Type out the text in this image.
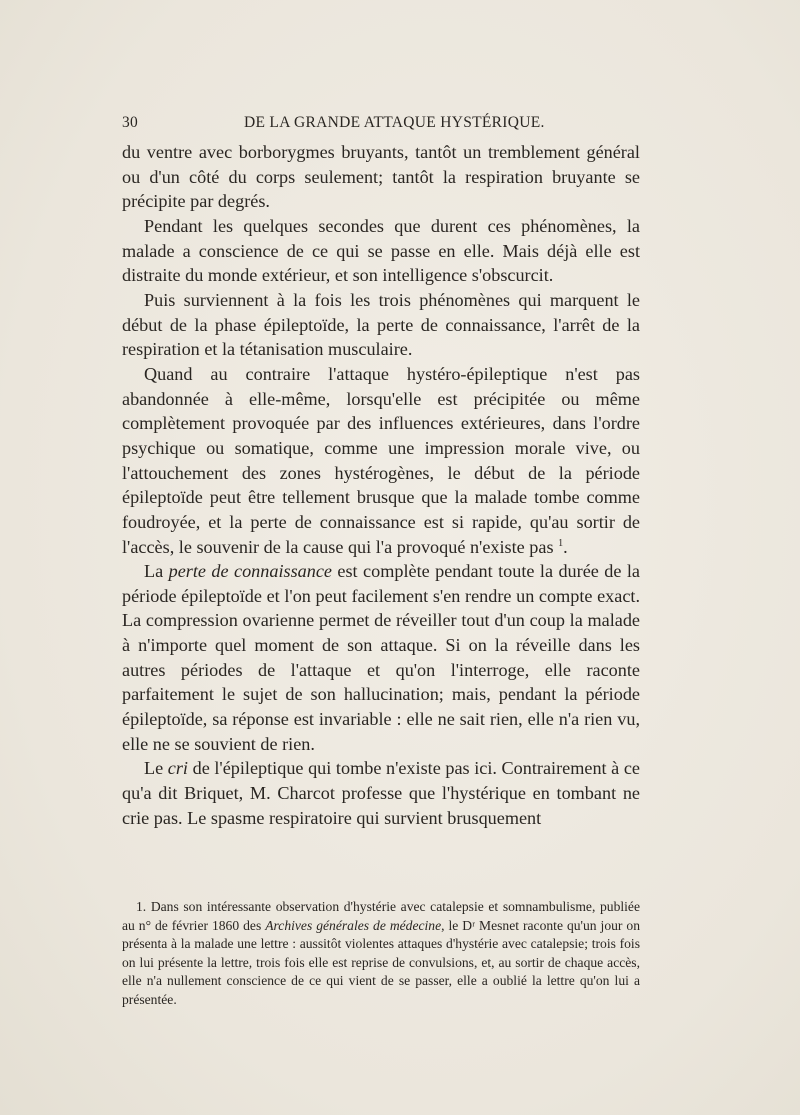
30	DE LA GRANDE ATTAQUE HYSTÉRIQUE.

du ventre avec borborygmes bruyants, tantôt un tremblement général ou d'un côté du corps seulement; tantôt la respiration bruyante se précipite par degrés.

Pendant les quelques secondes que durent ces phénomènes, la malade a conscience de ce qui se passe en elle. Mais déjà elle est distraite du monde extérieur, et son intelligence s'obscurcit.

Puis surviennent à la fois les trois phénomènes qui marquent le début de la phase épileptoïde, la perte de connaissance, l'arrêt de la respiration et la tétanisation musculaire.

Quand au contraire l'attaque hystéro-épileptique n'est pas abandonnée à elle-même, lorsqu'elle est précipitée ou même complètement provoquée par des influences extérieures, dans l'ordre psychique ou somatique, comme une impression morale vive, ou l'attouchement des zones hystérogènes, le début de la période épileptoïde peut être tellement brusque que la malade tombe comme foudroyée, et la perte de connaissance est si rapide, qu'au sortir de l'accès, le souvenir de la cause qui l'a provoqué n'existe pas $^1$.

La perte de connaissance est complète pendant toute la durée de la période épileptoïde et l'on peut facilement s'en rendre un compte exact. La compression ovarienne permet de réveiller tout d'un coup la malade à n'importe quel moment de son attaque. Si on la réveille dans les autres périodes de l'attaque et qu'on l'interroge, elle raconte parfaitement le sujet de son hallucination; mais, pendant la période épileptoïde, sa réponse est invariable : elle ne sait rien, elle n'a rien vu, elle ne se souvient de rien.

Le cri de l'épileptique qui tombe n'existe pas ici. Contrairement à ce qu'a dit Briquet, M. Charcot professe que l'hystérique en tombant ne crie pas. Le spasme respiratoire qui survient brusquement

1. Dans son intéressante observation d'hystérie avec catalepsie et somnambulisme, publiée au n° de février 1860 des Archives générales de médecine, le Dʳ Mesnet raconte qu'un jour on présenta à la malade une lettre : aussitôt violentes attaques d'hystérie avec catalepsie; trois fois on lui présente la lettre, trois fois elle est reprise de convulsions, et, au sortir de chaque accès, elle n'a nullement conscience de ce qui vient de se passer, elle a oublié la lettre qu'on lui a présentée.
